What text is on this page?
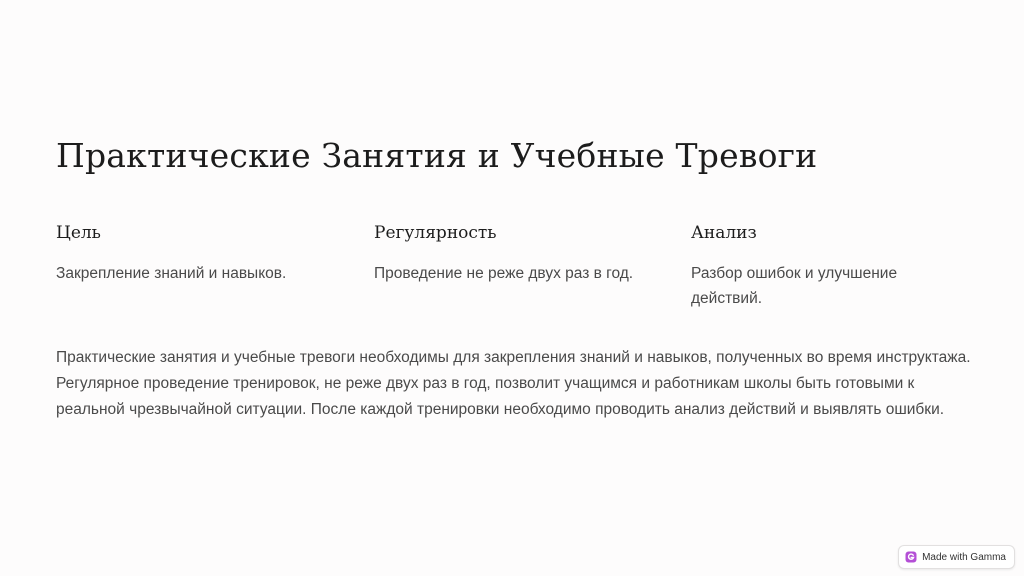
Практические Занятия и Учебные Тревоги
Цель

Закрепление знаний и навыков.

Регулярность

Проведение не реже двух раз в год.

Анализ

Разбор ошибок и улучшение действий.

Практические занятия и учебные тревоги необходимы для закрепления знаний и навыков, полученных во время инструктажа. Регулярное проведение тренировок, не реже двух раз в год, позволит учащимся и работникам школы быть готовыми к реальной чрезвычайной ситуации. После каждой тренировки необходимо проводить анализ действий и выявлять ошибки.

Made with Gamma
